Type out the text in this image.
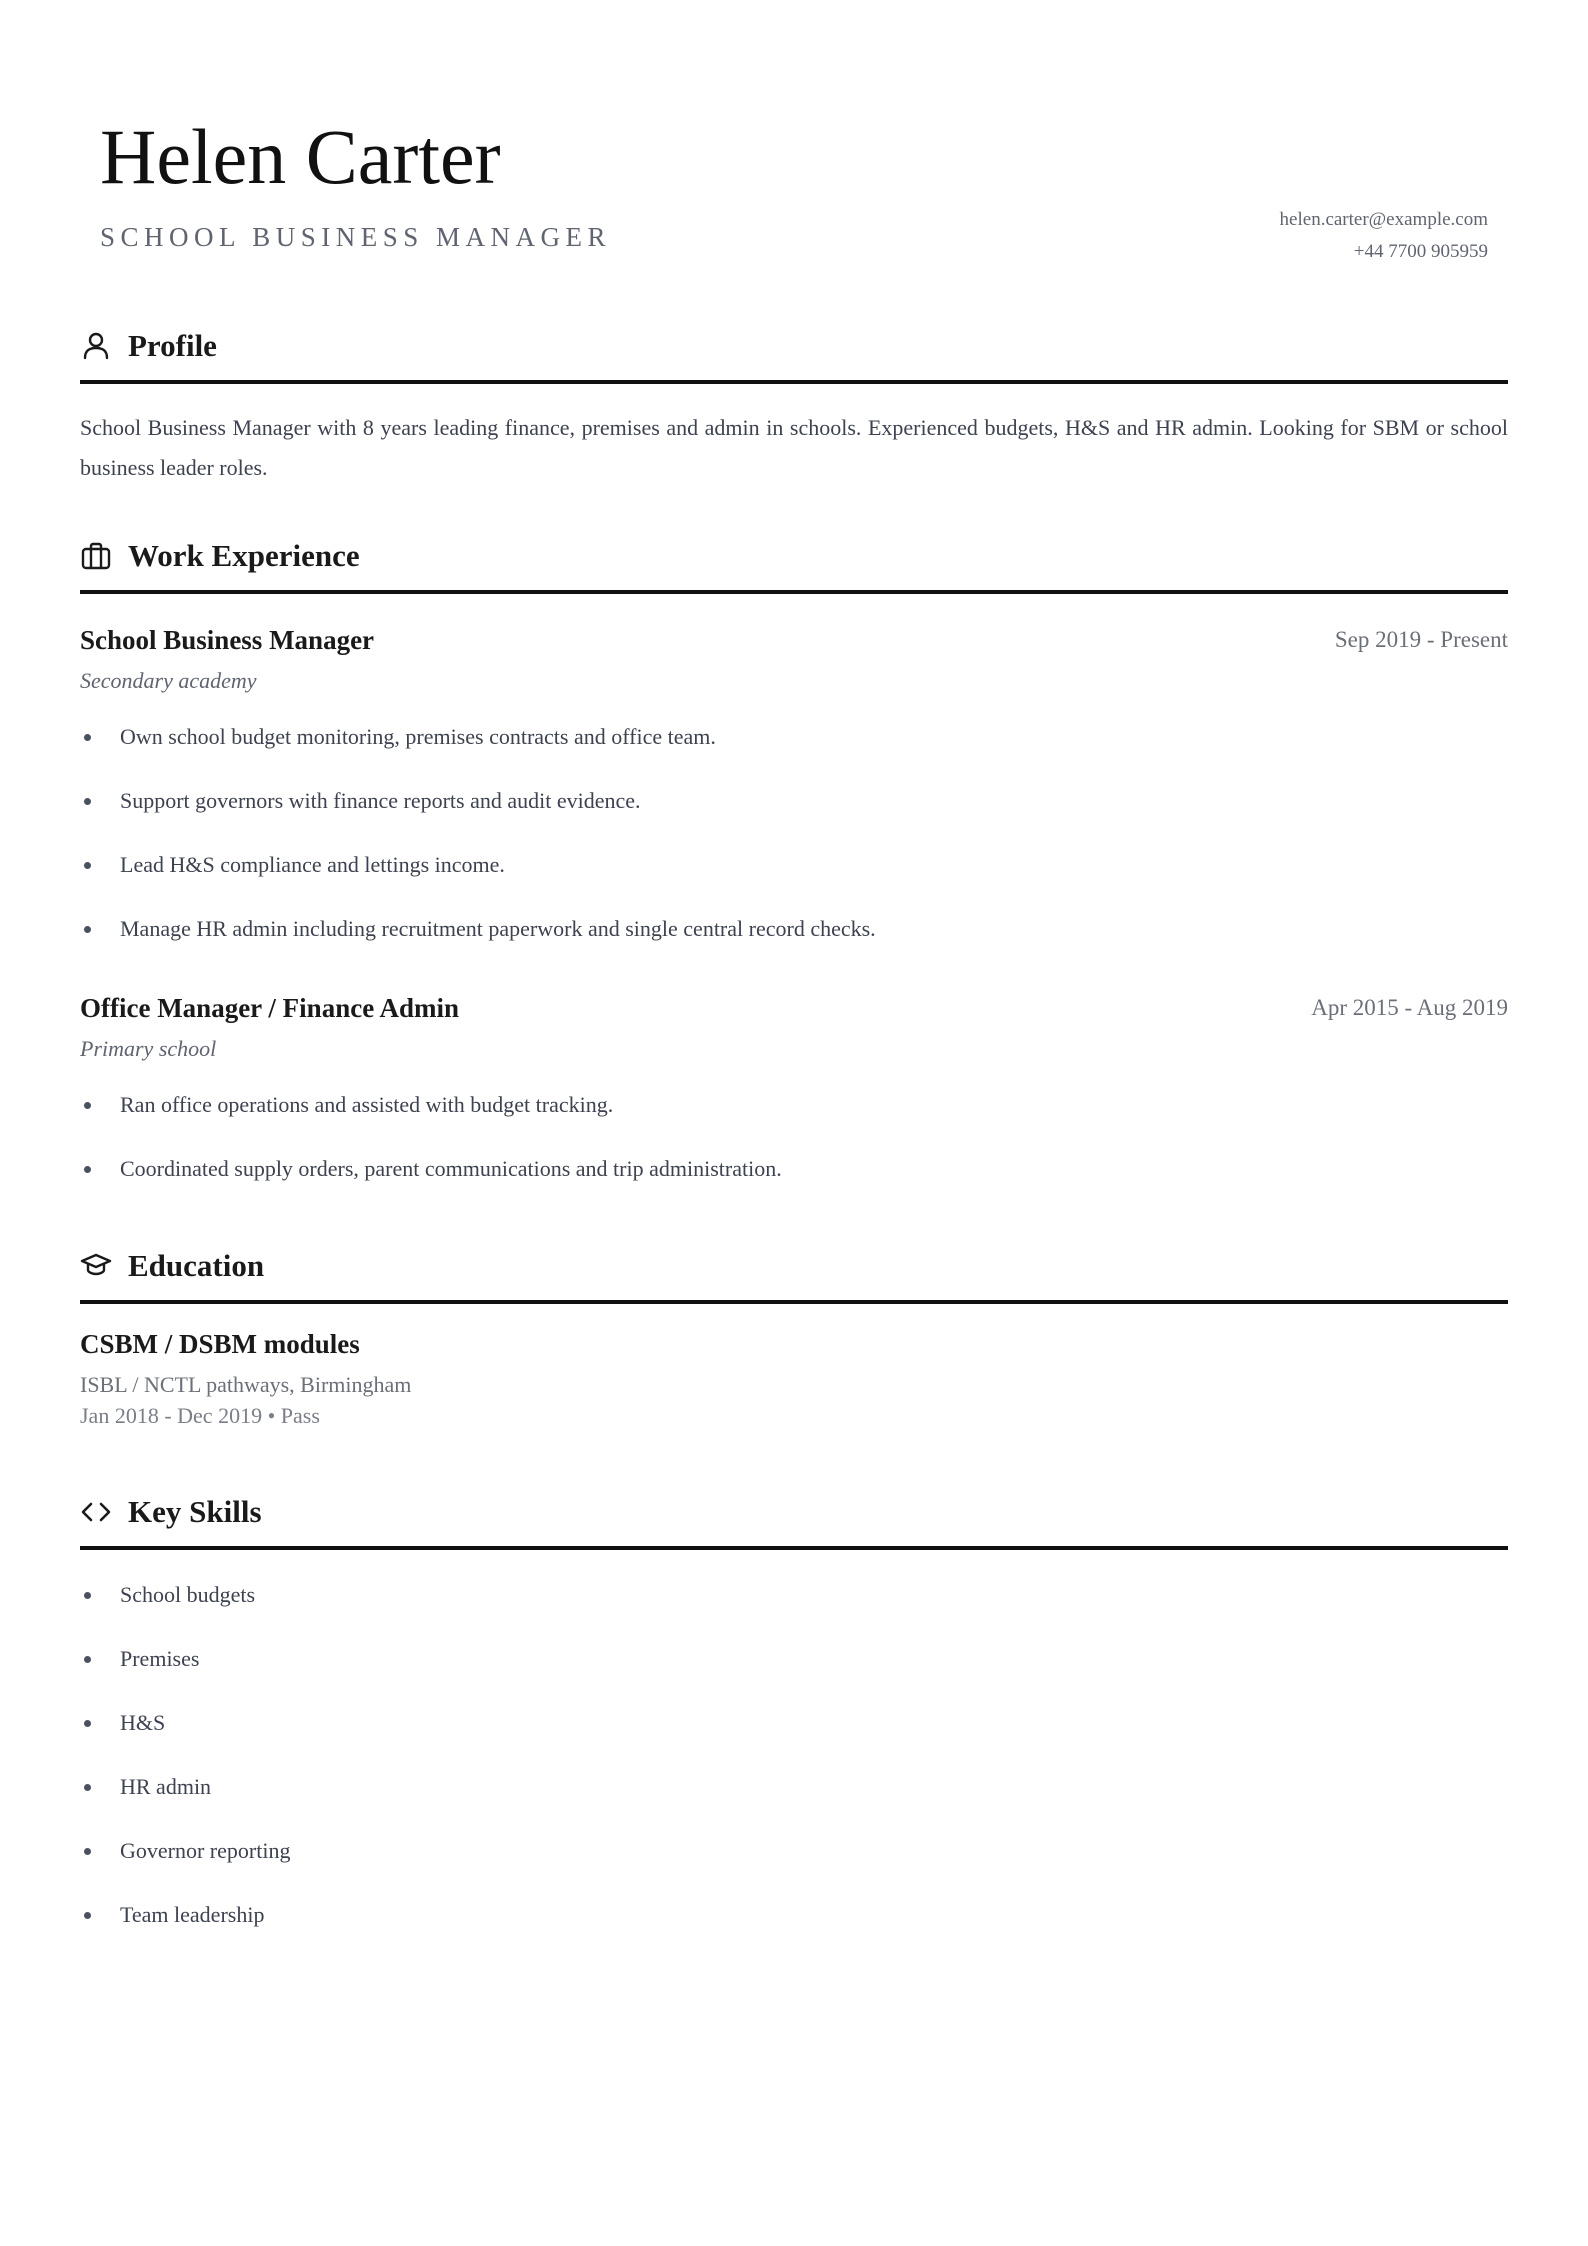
Helen Carter
SCHOOL BUSINESS MANAGER
helen.carter@example.com
+44 7700 905959
Profile
School Business Manager with 8 years leading finance, premises and admin in schools. Experienced budgets, H&S and HR admin. Looking for SBM or school business leader roles.
Work Experience
School Business Manager	Sep 2019 - Present
Secondary academy
Own school budget monitoring, premises contracts and office team.
Support governors with finance reports and audit evidence.
Lead H&S compliance and lettings income.
Manage HR admin including recruitment paperwork and single central record checks.
Office Manager / Finance Admin	Apr 2015 - Aug 2019
Primary school
Ran office operations and assisted with budget tracking.
Coordinated supply orders, parent communications and trip administration.
Education
CSBM / DSBM modules
ISBL / NCTL pathways, Birmingham
Jan 2018 - Dec 2019 • Pass
Key Skills
School budgets
Premises
H&S
HR admin
Governor reporting
Team leadership
